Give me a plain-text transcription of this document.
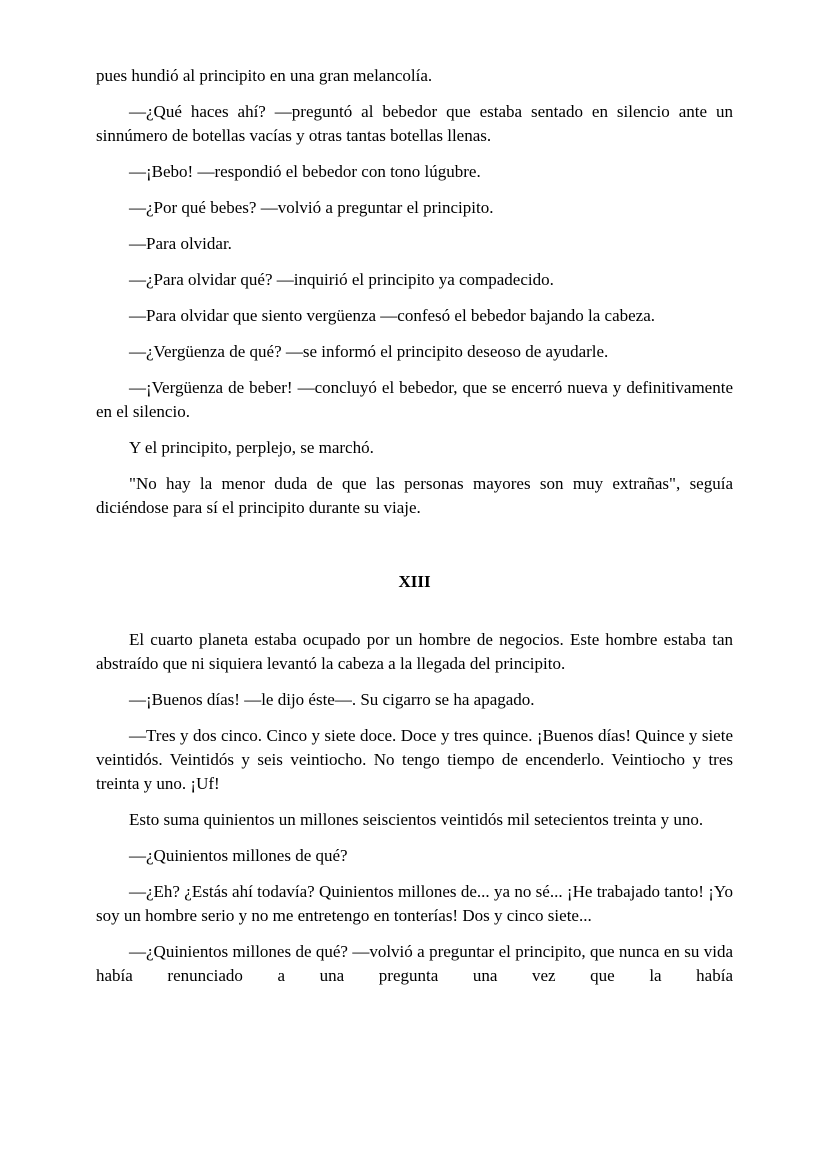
pues hundió al principito en una gran melancolía.

—¿Qué haces ahí? —preguntó al bebedor que estaba sentado en silencio ante un sinnúmero de botellas vacías y otras tantas botellas llenas.

—¡Bebo! —respondió el bebedor con tono lúgubre.

—¿Por qué bebes? —volvió a preguntar el principito.

—Para olvidar.

—¿Para olvidar qué? —inquirió el principito ya compadecido.

—Para olvidar que siento vergüenza —confesó el bebedor bajando la cabeza.

—¿Vergüenza de qué? —se informó el principito deseoso de ayudarle.

—¡Vergüenza de beber! —concluyó el bebedor, que se encerró nueva y definitivamente en el silencio.

Y el principito, perplejo, se marchó.

"No hay la menor duda de que las personas mayores son muy extrañas", seguía diciéndose para sí el principito durante su viaje.

XIII

El cuarto planeta estaba ocupado por un hombre de negocios. Este hombre estaba tan abstraído que ni siquiera levantó la cabeza a la llegada del principito.

—¡Buenos días! —le dijo éste—. Su cigarro se ha apagado.

—Tres y dos cinco. Cinco y siete doce. Doce y tres quince. ¡Buenos días! Quince y siete veintidós. Veintidós y seis veintiocho. No tengo tiempo de encenderlo. Veintiocho y tres treinta y uno. ¡Uf!

Esto suma quinientos un millones seiscientos veintidós mil setecientos treinta y uno.

—¿Quinientos millones de qué?

—¿Eh? ¿Estás ahí todavía? Quinientos millones de... ya no sé... ¡He trabajado tanto! ¡Yo soy un hombre serio y no me entretengo en tonterías! Dos y cinco siete...

—¿Quinientos millones de qué? —volvió a preguntar el principito, que nunca en su vida había renunciado a una pregunta una vez que la había
